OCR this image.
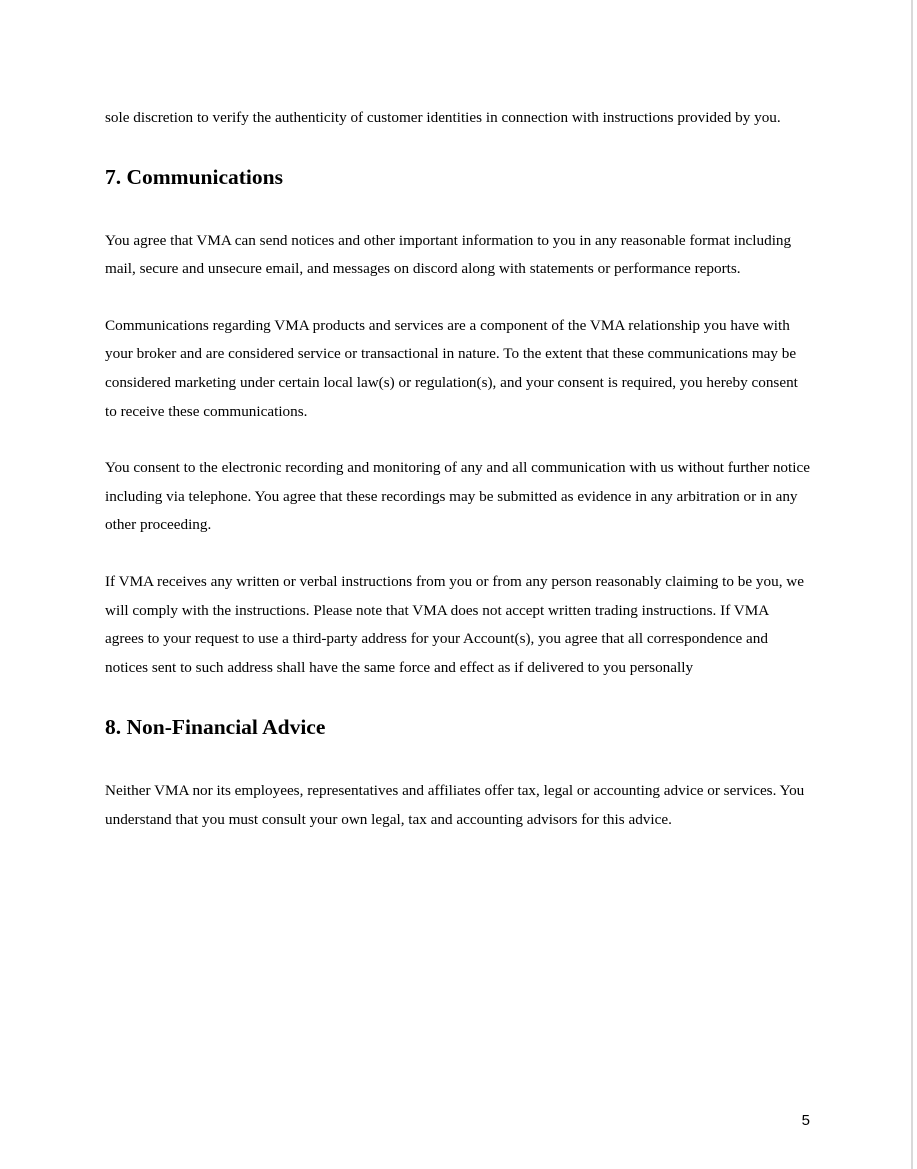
sole discretion to verify the authenticity of customer identities in connection with instructions provided by you.

7. Communications

You agree that VMA can send notices and other important information to you in any reasonable format including mail, secure and unsecure email, and messages on discord along with statements or performance reports.

Communications regarding VMA products and services are a component of the VMA relationship you have with your broker and are considered service or transactional in nature. To the extent that these communications may be considered marketing under certain local law(s) or regulation(s), and your consent is required, you hereby consent to receive these communications.

You consent to the electronic recording and monitoring of any and all communication with us without further notice including via telephone. You agree that these recordings may be submitted as evidence in any arbitration or in any other proceeding.

If VMA receives any written or verbal instructions from you or from any person reasonably claiming to be you, we will comply with the instructions. Please note that VMA does not accept written trading instructions. If VMA agrees to your request to use a third-party address for your Account(s), you agree that all correspondence and notices sent to such address shall have the same force and effect as if delivered to you personally

8. Non-Financial Advice

Neither VMA nor its employees, representatives and affiliates offer tax, legal or accounting advice or services. You understand that you must consult your own legal, tax and accounting advisors for this advice.

5
